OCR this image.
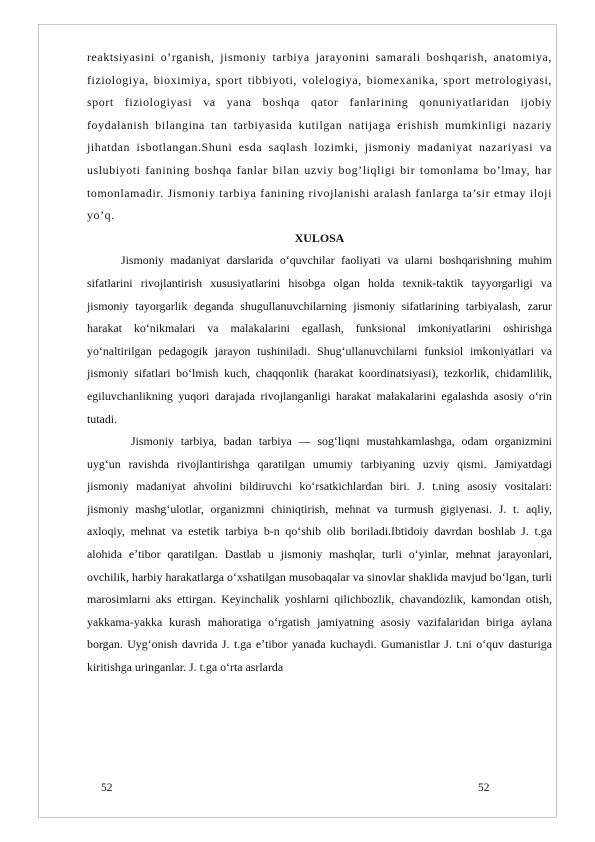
reaktsiyasini o’rganish, jismoniy tarbiya jarayonini samarali boshqarish, anatomiya, fiziologiya, bioximiya, sport tibbiyoti, volelogiya, biomexanika, sport metrologiyasi, sport fiziologiyasi va yana boshqa qator fanlarining qonuniyatlaridan ijobiy foydalanish bilangina tan tarbiyasida kutilgan natijaga erishish mumkinligi nazariy jihatdan isbotlangan.Shuni esda saqlash lozimki, jismoniy madaniyat nazariyasi va uslubiyoti fanining boshqa fanlar bilan uzviy bog’liqligi bir tomonlama bo’lmay, har tomonlamadir. Jismoniy tarbiya fanining rivojlanishi aralash fanlarga ta’sir etmay iloji yo’q.

XULOSA

Jismoniy madaniyat darslarida o‘quvchilar faoliyati va ularni boshqarishning muhim sifatlarini rivojlantirish xususiyatlarini hisobga olgan holda texnik-taktik tayyorgarligi va jismoniy tayorgarlik deganda shugullanuvchilarning jismoniy sifatlarining tarbiyalash, zarur harakat ko‘nikmalari va malakalarini egallash, funksional imkoniyatlarini oshirishga yo‘naltirilgan pedagogik jarayon tushiniladi. Shug‘ullanuvchilarni funksiol imkoniyatlari va jismoniy sifatlari bo‘lmish kuch, chaqqonlik (harakat koordinatsiyasi), tezkorlik, chidamlilik, egiluvchanlikning yuqori darajada rivojlanganligi harakat malakalarini egalashda asosiy o‘rin tutadi.

Jismoniy tarbiya, badan tarbiya — sogʻliqni mustahkamlashga, odam organizmini uygʻun ravishda rivojlantirishga qaratilgan umumiy tarbiyaning uzviy qismi. Jamiyatdagi jismoniy madaniyat ahvolini bildiruvchi koʻrsatkichlardan biri. J. t.ning asosiy vositalari: jismoniy mashgʻulotlar, organizmni chiniqtirish, mehnat va turmush gigiyenasi. J. t. aqliy, axloqiy, mehnat va estetik tarbiya b-n qoʻshib olib boriladi.Ibtidoiy davrdan boshlab J. t.ga alohida eʼtibor qaratilgan. Dastlab u jismoniy mashqlar, turli oʻyinlar, mehnat jarayonlari, ovchilik, harbiy harakatlarga oʻxshatilgan musobaqalar va sinovlar shaklida mavjud boʻlgan, turli marosimlarni aks ettirgan. Keyinchalik yoshlarni qilichbozlik, chavandozlik, kamondan otish, yakkama-yakka kurash mahoratiga oʻrgatish jamiyatning asosiy vazifalaridan biriga aylana borgan. Uygʻonish davrida J. t.ga eʼtibor yanada kuchaydi. Gumanistlar J. t.ni oʻquv dasturiga kiritishga uringanlar. J. t.ga oʻrta asrlarda

52	52
